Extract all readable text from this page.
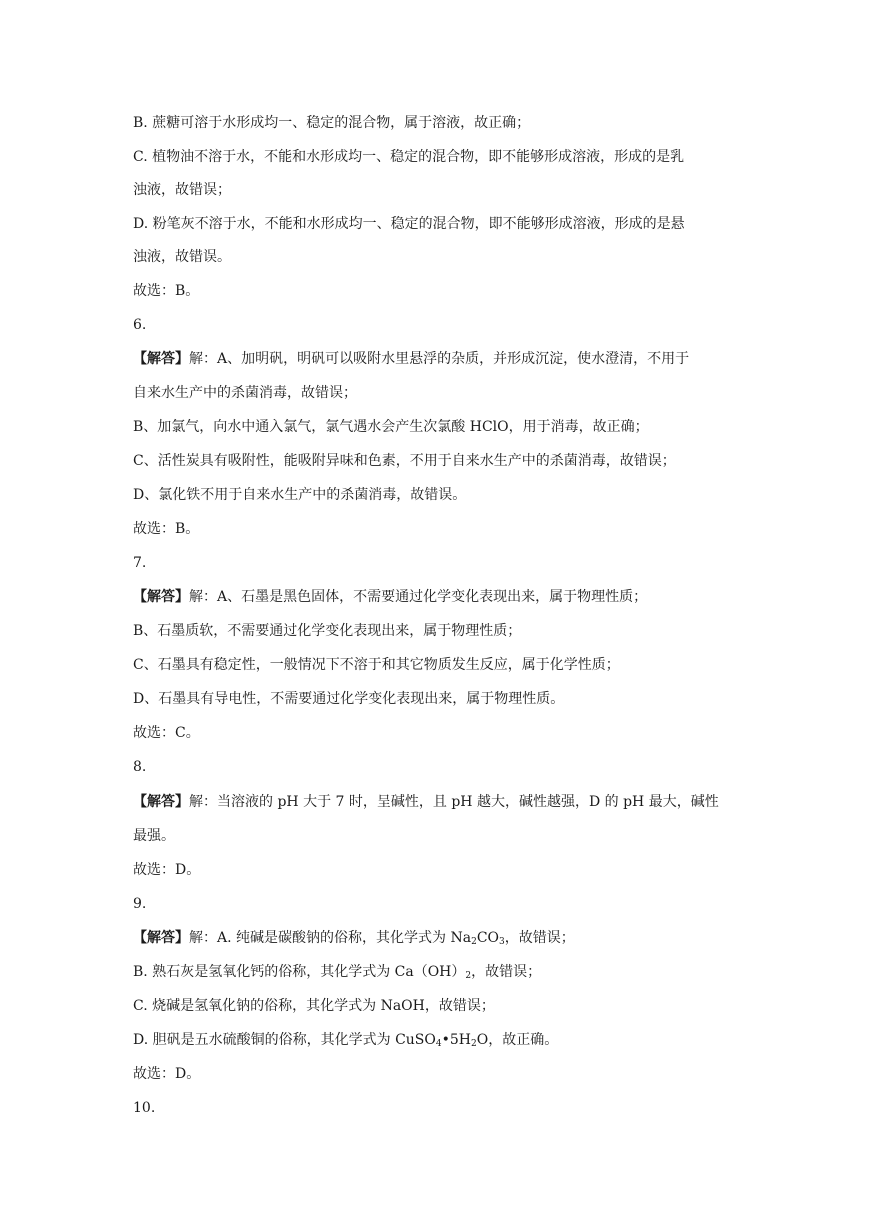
B. 蔗糖可溶于水形成均一、稳定的混合物，属于溶液，故正确；
C. 植物油不溶于水，不能和水形成均一、稳定的混合物，即不能够形成溶液，形成的是乳
浊液，故错误；
D. 粉笔灰不溶于水，不能和水形成均一、稳定的混合物，即不能够形成溶液，形成的是悬
浊液，故错误。
故选：B。
6.
【解答】解：A、加明矾，明矾可以吸附水里悬浮的杂质，并形成沉淀，使水澄清，不用于
自来水生产中的杀菌消毒，故错误；
B、加氯气，向水中通入氯气，氯气遇水会产生次氯酸 HClO，用于消毒，故正确；
C、活性炭具有吸附性，能吸附异味和色素，不用于自来水生产中的杀菌消毒，故错误；
D、氯化铁不用于自来水生产中的杀菌消毒，故错误。
故选：B。
7.
【解答】解：A、石墨是黑色固体，不需要通过化学变化表现出来，属于物理性质；
B、石墨质软，不需要通过化学变化表现出来，属于物理性质；
C、石墨具有稳定性，一般情况下不溶于和其它物质发生反应，属于化学性质；
D、石墨具有导电性，不需要通过化学变化表现出来，属于物理性质。
故选：C。
8.
【解答】解：当溶液的 pH 大于 7 时，呈碱性，且 pH 越大，碱性越强，D 的 pH 最大，碱性
最强。
故选：D。
9.
【解答】解：A. 纯碱是碳酸钠的俗称，其化学式为 $Na_2CO_3$，故错误；
B. 熟石灰是氢氧化钙的俗称，其化学式为 $Ca(OH)_2$，故错误；
C. 烧碱是氢氧化钠的俗称，其化学式为 NaOH，故错误；
D. 胆矾是五水硫酸铜的俗称，其化学式为 $CuSO_4•5H_2O$，故正确。
故选：D。
10.
